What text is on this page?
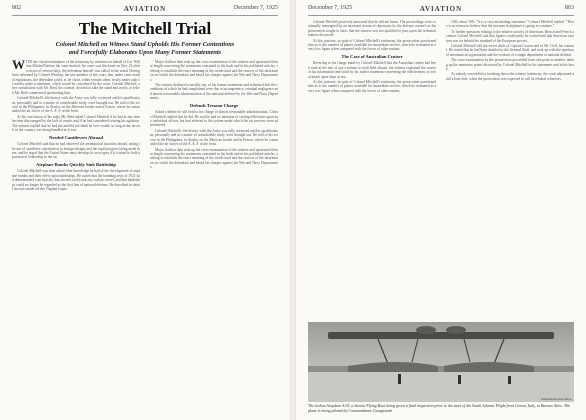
802	AVIATION	December 7, 1925
The Mitchell Trial
Colonel Mitchell on Witness Stand Upholds His Former Contentions
and Forcefully Elaborates Upon Many Former Statements

WITH the virtual termination of the testimony by witnesses in behalf of Col. William Mitchell before the court martial, the court was disclosed on Nov. 23 after a recess of several days, the defendant himself was called to the stand. Having been informed by Colonel Winship, the law member of the court, that, under court martial regulations, the defendant could, as he chose, either remain silent, testify under oath or merely make a statement, which would be considered by the court, Colonel Mitchell, after consultation with Mr. Reid, his counsel, decided to take the stand and testify, at which Mr. Reid commenced questioning him.

Colonel Mitchell's life history with the Army was fully reviewed and his qualifications, personally and in a matter of considerable study, were brought out. He told of his service in the Philippines, in Alaska, on the Mexican border and in France, where he commanded the air forces of the A. E. F. at the front.

At the conclusion of his reply Mr. Reid asked Colonel Mitchell if he had at any time become discouraged by the lack of results and if he had considered ceasing his agitation. The witness replied that he had not and did not think he ever would, so long as the aircraft of the country was being handled as it was.

Needed Cantilevers Abroad

Colonel Mitchell said that he had observed the aeronautical situation abroad, noting the use of cantilever construction in foreign designs and the rapid progress being made there, and he urged that the United States must develop its own types if it wished to hold a position of leadership in the air.

Airplane Bombs Quickly Sink Battleship

Colonel Mitchell was then asked what knowledge he had of the development of airplane bombs and their effect upon battleships. He stated that the bombing tests of 1921 had demonstrated conclusively that aircraft could sink any surface vessel, and that battleships could no longer be regarded as the first line of national defense. He described in detail the tests made off the Virginia Capes.

Major Gullion then took up the cross-examination of the witness and questioned him at length concerning the statements contained in his book and in his published articles, seeking to establish the exact meaning of the words used and the sources of the information on which the defendant had based his charges against the War and Navy Departments.

The witness declined to modify any of his former statements and reiterated that the conditions of which he had complained were due to incompetency, criminal negligence and almost treasonable administration of the national defense by the War and Navy Departments.

Defends Treason Charge

Asked whether he still held to his charge of almost treasonable administration, Colonel Mitchell replied that he did. He said he had no intention of casting reflections upon any individual officer, but had referred to the system under which the air services were administered.

Colonel Mitchell's life history with the Army was fully reviewed and his qualifications, personally and in a matter of considerable study, were brought out. He told of his service in the Philippines, in Alaska, on the Mexican border and in France, where he commanded the air forces of the A. E. F. at the front.

Major Gullion then took up the cross-examination of the witness and questioned him at length concerning the statements contained in his book and in his published articles, seeking to establish the exact meaning of the words used and the sources of the information on which the defendant had based his charges against the War and Navy Departments.

December 7, 1925	AVIATION	803

Colonel Mitchell positively answered that he did not know. The proceedings were continually interrupted by an incessant stream of objections by the defense counsel, as the prosecution sought to show that the witness was not qualified to pass upon the technical matters discussed.

At this juncture, in spite of Colonel Mitchell's testimony, the prosecution questioned him as to the number of planes available for immediate service, which he estimated at a very low figure when compared with the forces of other nations.

The Case of Australian Cruiser

Reverting to the charge made by Colonel Mitchell that the Australian cruiser had been sunk at the rate of one a minute in trials held abroad, the witness explained the source of his information and stood by his earlier statement concerning the effectiveness of aerial attack upon ships at sea.

At this juncture, in spite of Colonel Mitchell's testimony, the prosecution questioned him as to the number of planes available for immediate service, which he estimated at a very low figure when compared with the forces of other nations.

1922 about 50%. "It is a very misleading statement," Colonel Mitchell replied. "There is no reason to believe that the increase in airplanes is going to continue."

To further questions relating to the relative activity of American, British and French aviation Colonel Mitchell said that figures could easily be twisted and that American aviation was far behind the standard of the European powers.

Colonel Mitchell told the secret deals of Captain Craven and of Mr. Goff, his counsel. He stated that he had been detailed to the General Staff, and took up with the question of aeronautical organization and the creation of a single department of national defense.

The cross-examination by the prosecution proceeded from one point to another, taking up the numerous points discussed by Colonel Mitchell in his statements and in his book.

As nobody succeeded in breaking down the witness' testimony, the court adjourned until a later date, when the prosecution was expected to call its rebuttal witnesses.

International News Photo
The Italian Seaplane S.55, a Savoia Flying Boat being given a final inspection prior to the start of the South Atlantic Flight from Genoa, Italy, to Buenos Aires. The plane is being piloted by Commandante Casagrande
